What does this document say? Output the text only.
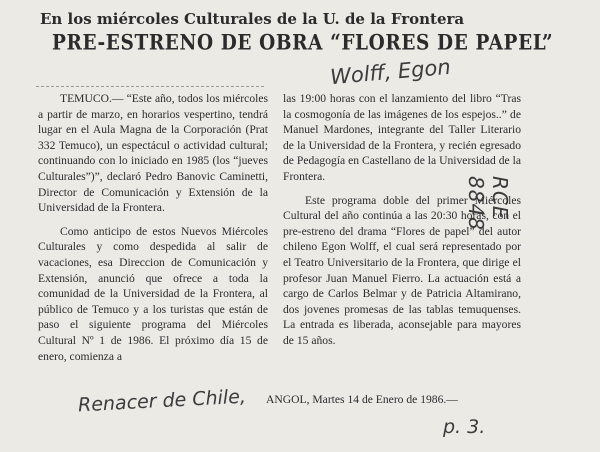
En los miércoles Culturales de la U. de la Frontera
PRE-ESTRENO DE OBRA “FLORES DE PAPEL”
Wolff, Egon
RCE 8848

TEMUCO.— “Este año, todos los miércoles a partir de marzo, en horarios vespertino, tendrá lugar en el Aula Magna de la Corporación (Prat 332 Temuco), un espectácul o actividad cultural; continuando con lo iniciado en 1985 (los “jueves Culturales”)”, declaró Pedro Banovic Caminetti, Director de Comunicación y Extensión de la Universidad de la Frontera.

Como anticipo de estos Nuevos Miércoles Culturales y como despedida al salir de vacaciones, esa Direccion de Comunicación y Extensión, anunció que ofrece a toda la comunidad de la Universidad de la Frontera, al público de Temuco y a los turistas que están de paso el siguiente programa del Miércoles Cultural Nº 1 de 1986. El próximo día 15 de enero, comienza a

las 19:00 horas con el lanzamiento del libro “Tras la cosmogonía de las imágenes de los espejos..” de Manuel Mardones, integrante del Taller Literario de la Universidad de la Frontera, y recién egresado de Pedagogía en Castellano de la Universidad de la Frontera.

Este programa doble del primer Miércoles Cultural del año continúa a las 20:30 horas, con el pre-estreno del drama “Flores de papel” del autor chileno Egon Wolff, el cual será representado por el Teatro Universitario de la Frontera, que dirige el profesor Juan Manuel Fierro. La actuación está a cargo de Carlos Belmar y de Patricia Altamirano, dos jovenes promesas de las tablas temuquenses. La entrada es liberada, aconsejable para mayores de 15 años.

Renacer de Chile, ANGOL, Martes 14 de Enero de 1986.—
p. 3.
